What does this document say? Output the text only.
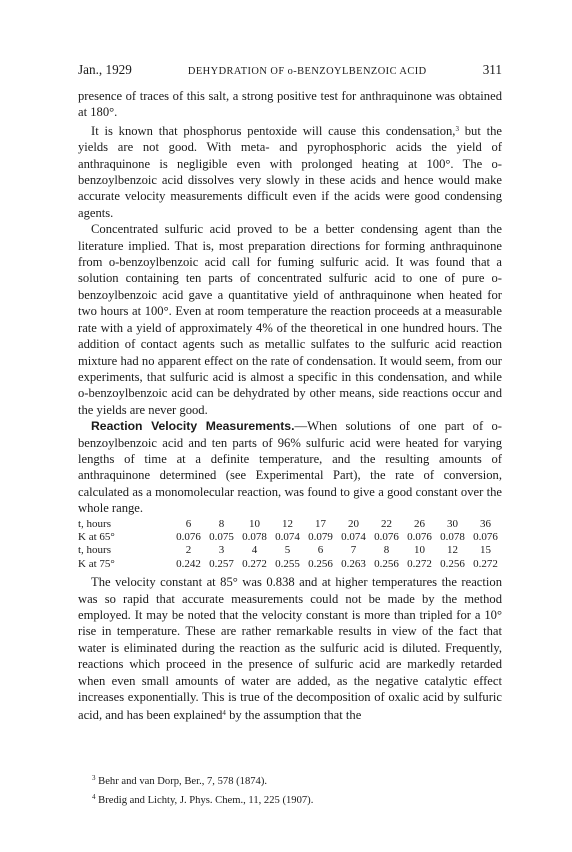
Jan., 1929	DEHYDRATION OF o-BENZOYLBENZOIC ACID	311

presence of traces of this salt, a strong positive test for anthraquinone was obtained at 180°.

It is known that phosphorus pentoxide will cause this condensation,$^3$ but the yields are not good. With meta- and pyrophosphoric acids the yield of anthraquinone is negligible even with prolonged heating at 100°. The o-benzoylbenzoic acid dissolves very slowly in these acids and hence would make accurate velocity measurements difficult even if the acids were good condensing agents.

Concentrated sulfuric acid proved to be a better condensing agent than the literature implied. That is, most preparation directions for forming anthraquinone from o-benzoylbenzoic acid call for fuming sulfuric acid. It was found that a solution containing ten parts of concentrated sulfuric acid to one of pure o-benzoylbenzoic acid gave a quantitative yield of anthraquinone when heated for two hours at 100°. Even at room temperature the reaction proceeds at a measurable rate with a yield of approximately 4% of the theoretical in one hundred hours. The addition of contact agents such as metallic sulfates to the sulfuric acid reaction mixture had no apparent effect on the rate of condensation. It would seem, from our experiments, that sulfuric acid is almost a specific in this condensation, and while o-benzoylbenzoic acid can be dehydrated by other means, side reactions occur and the yields are never good.

Reaction Velocity Measurements.—When solutions of one part of o-benzoylbenzoic acid and ten parts of 96% sulfuric acid were heated for varying lengths of time at a definite temperature, and the resulting amounts of anthraquinone determined (see Experimental Part), the rate of conversion, calculated as a monomolecular reaction, was found to give a good constant over the whole range.

t, hours	6	8	10	12	17	20	22	26	30	36
K at 65°	0.076	0.075	0.078	0.074	0.079	0.074	0.076	0.076	0.078	0.076
t, hours	2	3	4	5	6	7	8	10	12	15
K at 75°	0.242	0.257	0.272	0.255	0.256	0.263	0.256	0.272	0.256	0.272

The velocity constant at 85° was 0.838 and at higher temperatures the reaction was so rapid that accurate measurements could not be made by the method employed. It may be noted that the velocity constant is more than tripled for a 10° rise in temperature. These are rather remarkable results in view of the fact that water is eliminated during the reaction as the sulfuric acid is diluted. Frequently, reactions which proceed in the presence of sulfuric acid are markedly retarded when even small amounts of water are added, as the negative catalytic effect increases exponentially. This is true of the decomposition of oxalic acid by sulfuric acid, and has been explained$^4$ by the assumption that the

$^3$ Behr and van Dorp, Ber., 7, 578 (1874).

$^4$ Bredig and Lichty, J. Phys. Chem., 11, 225 (1907).
